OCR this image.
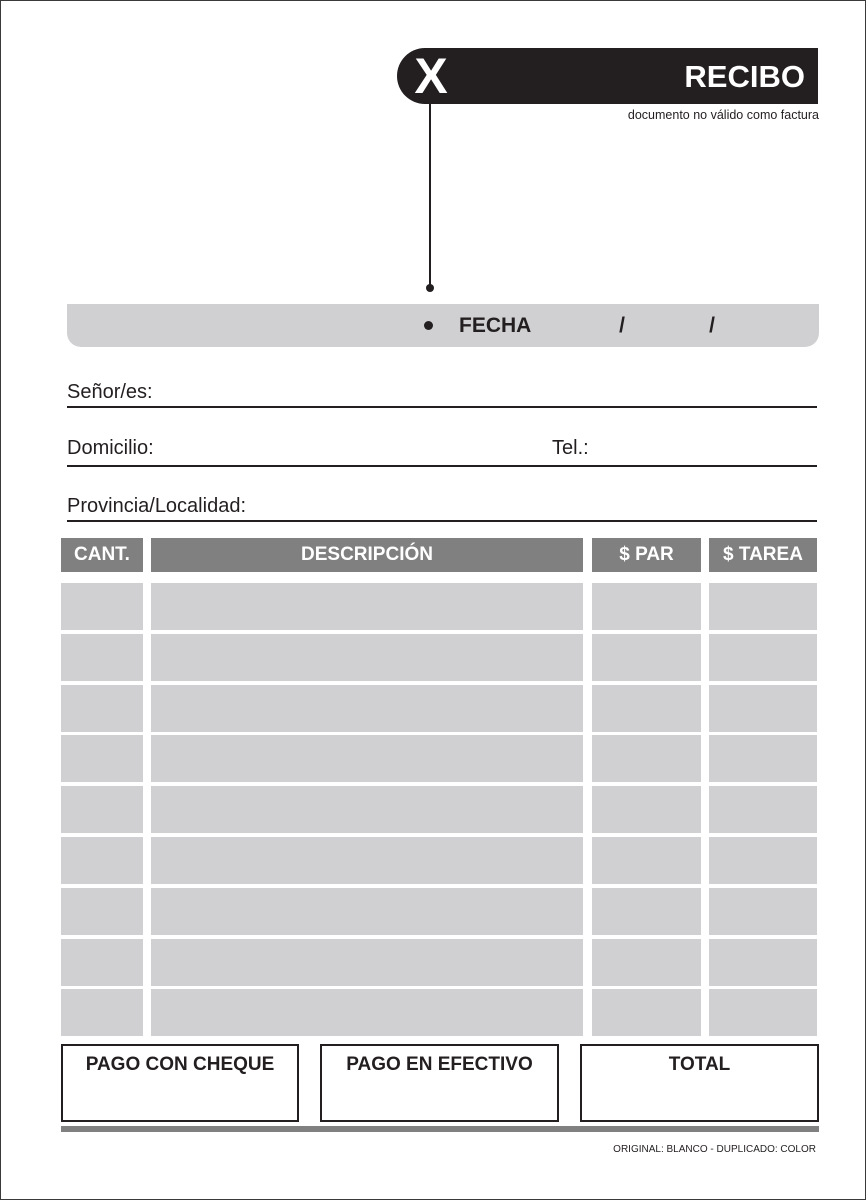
X	RECIBO
documento no válido como factura
FECHA	/	/
Señor/es:
Domicilio:	Tel.:
Provincia/Localidad:
CANT.	DESCRIPCIÓN	$ PAR	$ TAREA
PAGO CON CHEQUE	PAGO EN EFECTIVO	TOTAL
ORIGINAL: BLANCO - DUPLICADO: COLOR
